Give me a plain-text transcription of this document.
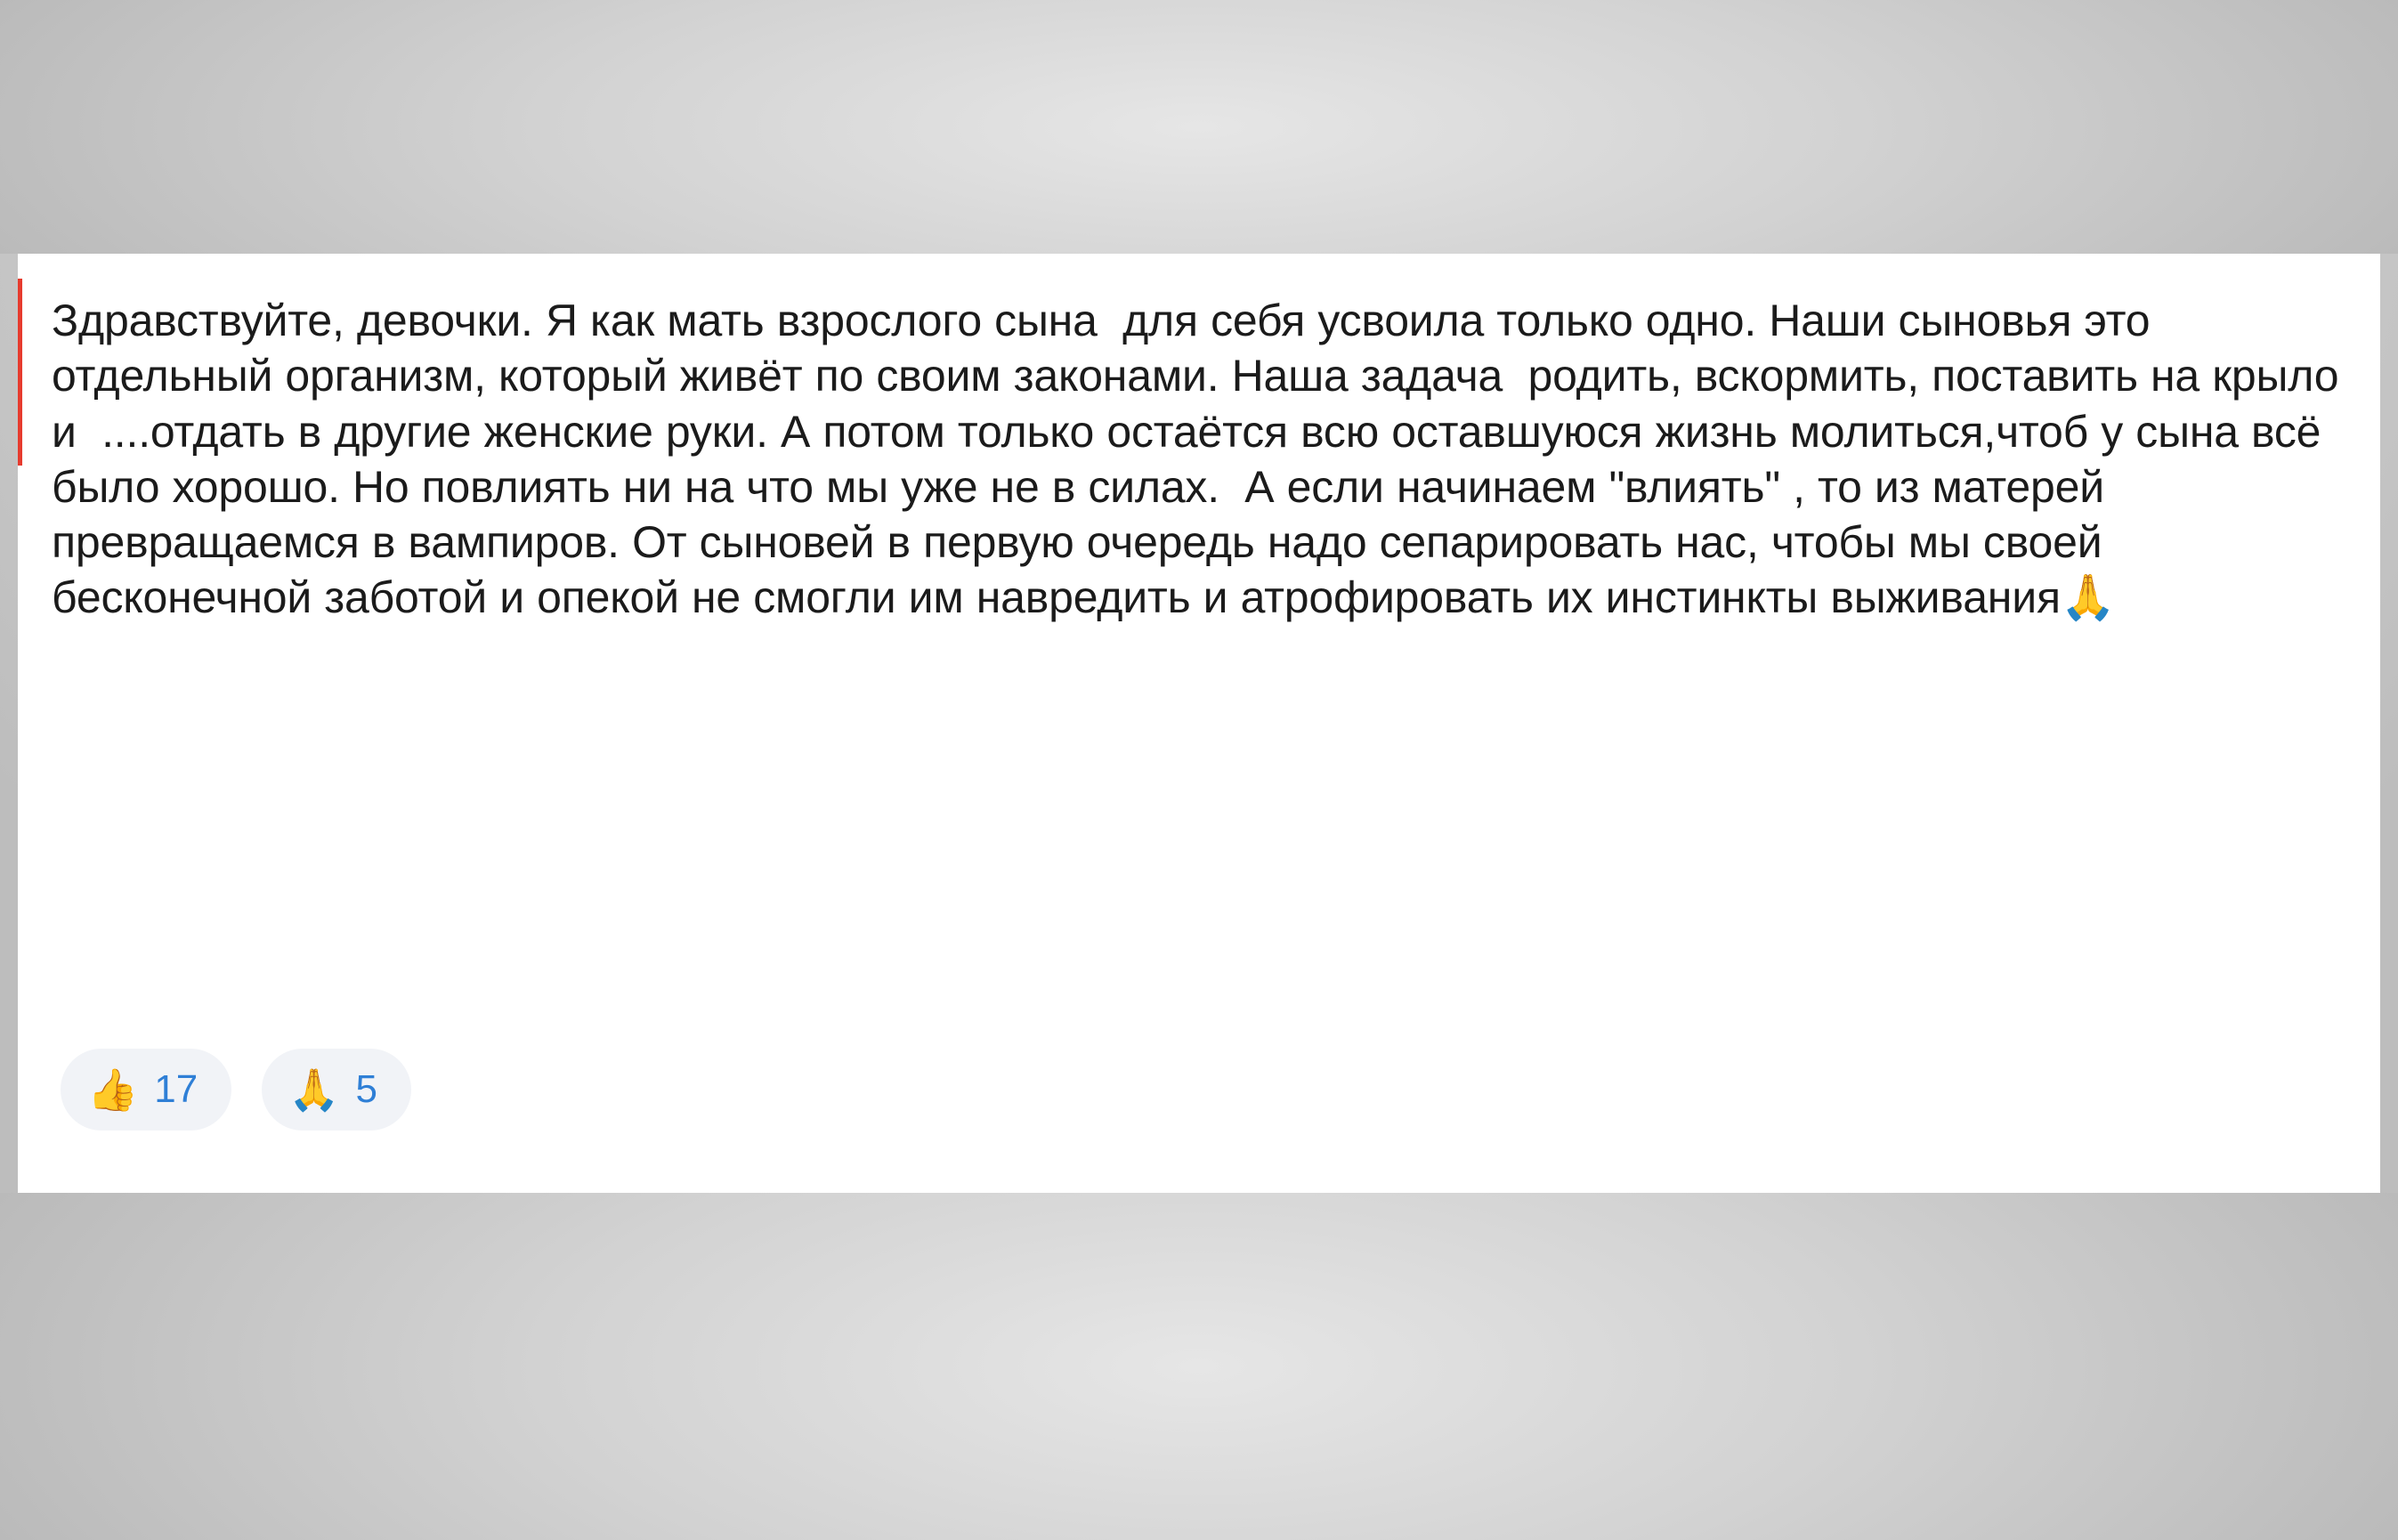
Здравствуйте, девочки. Я как мать взрослого сына  для себя усвоила только одно. Наши сыновья это отдельный организм, который живёт по своим законами. Наша задача  родить, вскормить, поставить на крыло и  ....отдать в другие женские руки. А потом только остаётся всю оставшуюся жизнь молиться,чтоб у сына всё было хорошо. Но повлиять ни на что мы уже не в силах.  А если начинаем "влиять" , то из матерей превращаемся в вампиров. От сыновей в первую очередь надо сепарировать нас, чтобы мы своей бесконечной заботой и опекой не смогли им навредить и атрофировать их инстинкты выживания🙏

👍 17 🙏 5
